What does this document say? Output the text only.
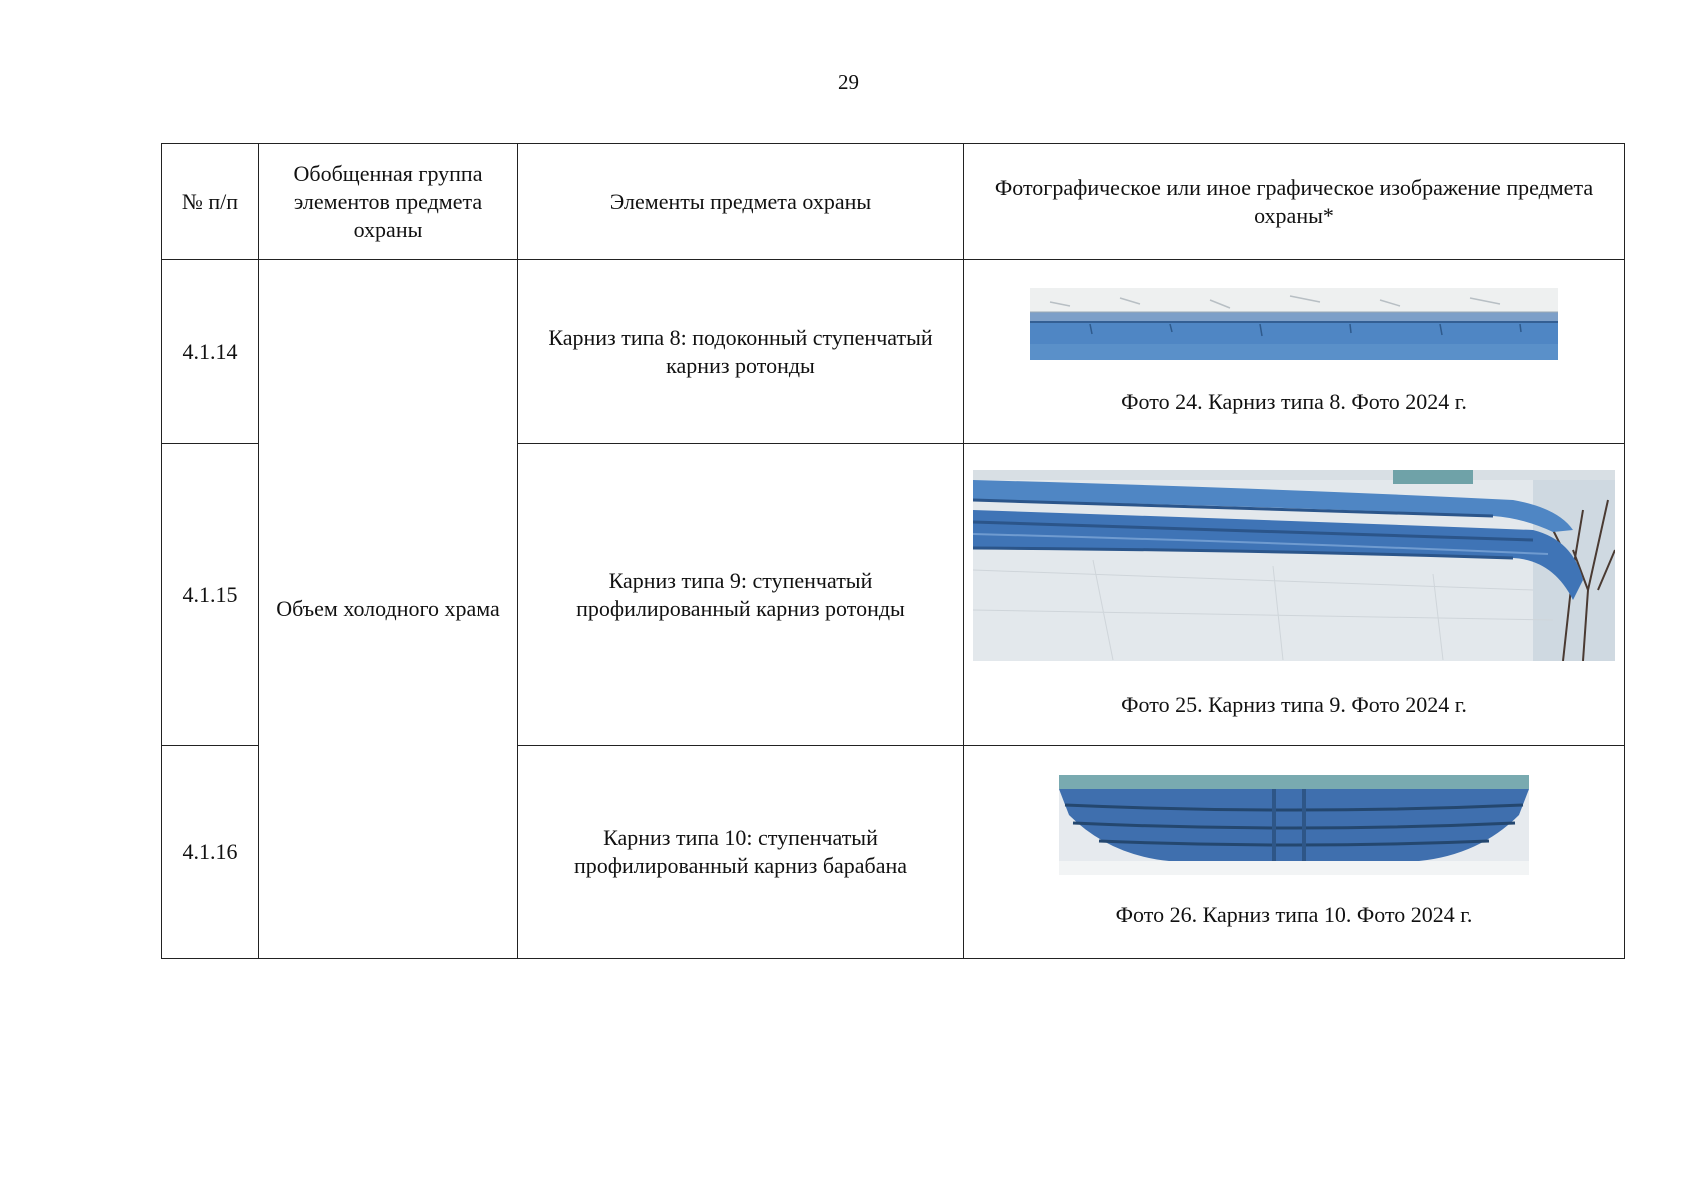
29
№ п/п	Обобщенная группа элементов предмета охраны	Элементы предмета охраны	Фотографическое или иное графическое изображение предмета охраны*
4.1.14	Объем холодного храма	Карниз типа 8: подоконный ступенчатый карниз ротонды	Фото 24. Карниз типа 8. Фото 2024 г.

4.1.15		Карниз типа 9: ступенчатый профилированный карниз ротонды	Фото 25. Карниз типа 9. Фото 2024 г.

4.1.16		Карниз типа 10: ступенчатый профилированный карниз барабана	Фото 26. Карниз типа 10. Фото 2024 г.
